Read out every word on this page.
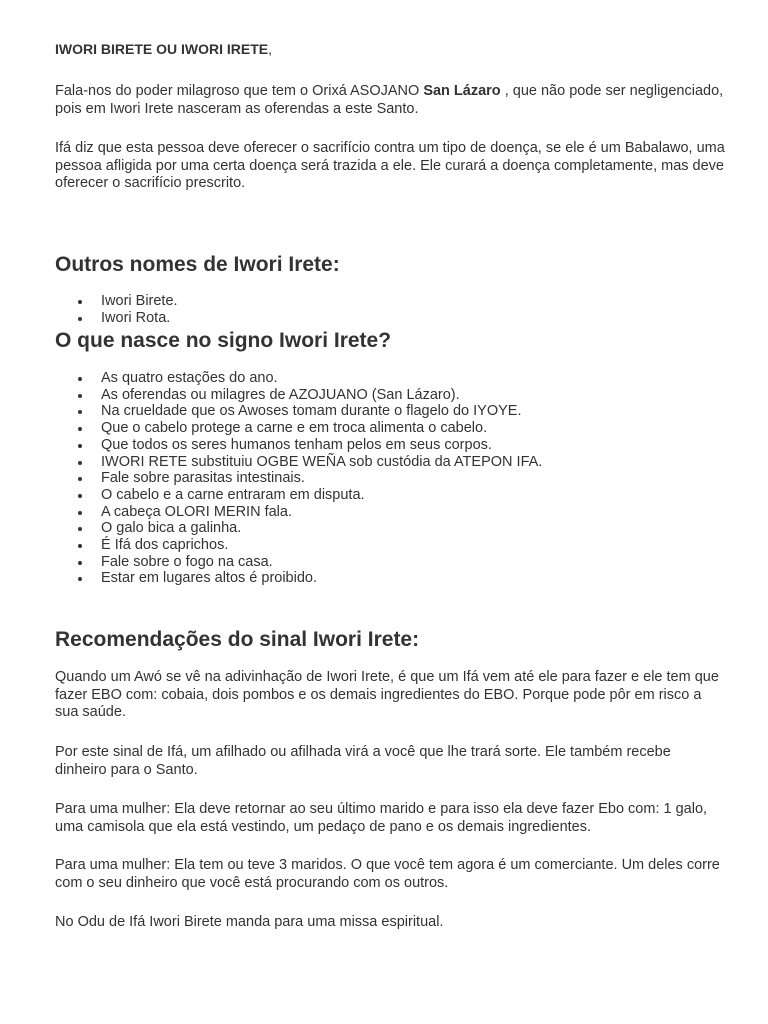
IWORI BIRETE OU IWORI IRETE,

Fala-nos do poder milagroso que tem o Orixá ASOJANO San Lázaro , que não pode ser negligenciado, pois em Iwori Irete nasceram as oferendas a este Santo.

Ifá diz que esta pessoa deve oferecer o sacrifício contra um tipo de doença, se ele é um Babalawo, uma pessoa afligida por uma certa doença será trazida a ele. Ele curará a doença completamente, mas deve oferecer o sacrifício prescrito.

Outros nomes de Iwori Irete:
Iwori Birete.
Iwori Rota.
O que nasce no signo Iwori Irete?
As quatro estações do ano.
As oferendas ou milagres de AZOJUANO (San Lázaro).
Na crueldade que os Awoses tomam durante o flagelo do IYOYE.
Que o cabelo protege a carne e em troca alimenta o cabelo.
Que todos os seres humanos tenham pelos em seus corpos.
IWORI RETE substituiu OGBE WEÑA sob custódia da ATEPON IFA.
Fale sobre parasitas intestinais.
O cabelo e a carne entraram em disputa.
A cabeça OLORI MERIN fala.
O galo bica a galinha.
É Ifá dos caprichos.
Fale sobre o fogo na casa.
Estar em lugares altos é proibido.
Recomendações do sinal Iwori Irete:

Quando um Awó se vê na adivinhação de Iwori Irete, é que um Ifá vem até ele para fazer e ele tem que fazer EBO com: cobaia, dois pombos e os demais ingredientes do EBO. Porque pode pôr em risco a sua saúde.

Por este sinal de Ifá, um afilhado ou afilhada virá a você que lhe trará sorte. Ele também recebe dinheiro para o Santo.

Para uma mulher: Ela deve retornar ao seu último marido e para isso ela deve fazer Ebo com: 1 galo, uma camisola que ela está vestindo, um pedaço de pano e os demais ingredientes.

Para uma mulher: Ela tem ou teve 3 maridos. O que você tem agora é um comerciante. Um deles corre com o seu dinheiro que você está procurando com os outros.

No Odu de Ifá Iwori Birete manda para uma missa espiritual.
